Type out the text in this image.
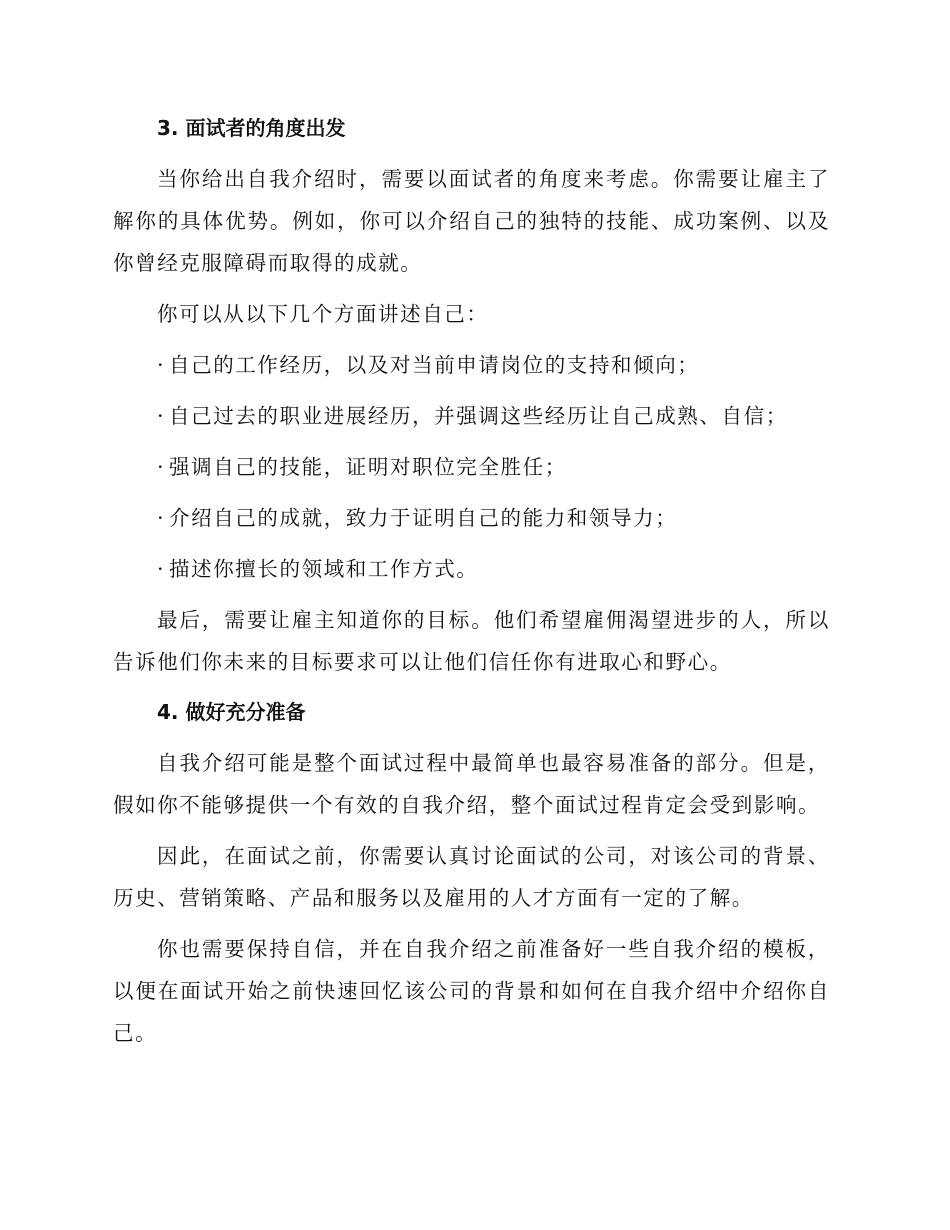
3. 面试者的角度出发

当你给出自我介绍时，需要以面试者的角度来考虑。你需要让雇主了解你的具体优势。例如，你可以介绍自己的独特的技能、成功案例、以及你曾经克服障碍而取得的成就。

你可以从以下几个方面讲述自己：

· 自己的工作经历，以及对当前申请岗位的支持和倾向；
· 自己过去的职业进展经历，并强调这些经历让自己成熟、自信；
· 强调自己的技能，证明对职位完全胜任；
· 介绍自己的成就，致力于证明自己的能力和领导力；
· 描述你擅长的领域和工作方式。

最后，需要让雇主知道你的目标。他们希望雇佣渴望进步的人，所以告诉他们你未来的目标要求可以让他们信任你有进取心和野心。

4. 做好充分准备

自我介绍可能是整个面试过程中最简单也最容易准备的部分。但是，假如你不能够提供一个有效的自我介绍，整个面试过程肯定会受到影响。

因此，在面试之前，你需要认真讨论面试的公司，对该公司的背景、历史、营销策略、产品和服务以及雇用的人才方面有一定的了解。

你也需要保持自信，并在自我介绍之前准备好一些自我介绍的模板，以便在面试开始之前快速回忆该公司的背景和如何在自我介绍中介绍你自己。
